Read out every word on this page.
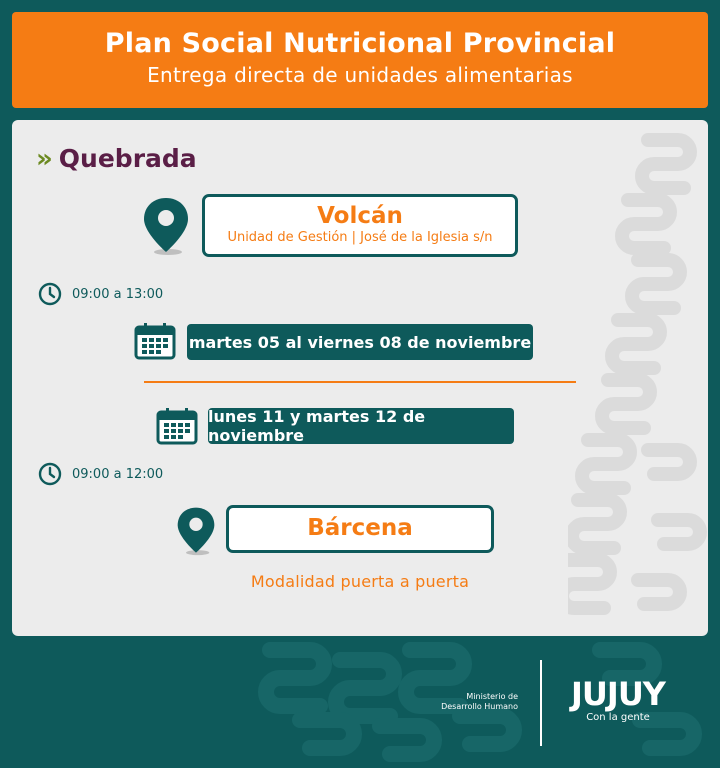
Plan Social Nutricional Provincial
Entrega directa de unidades alimentarias
» Quebrada
Volcán
Unidad de Gestión | José de la Iglesia s/n
09:00 a 13:00
martes 05 al viernes 08 de noviembre
lunes 11 y martes 12 de noviembre
09:00 a 12:00
Bárcena
Modalidad puerta a puerta
Ministerio de
Desarrollo Humano JUJUY
Con la gente
